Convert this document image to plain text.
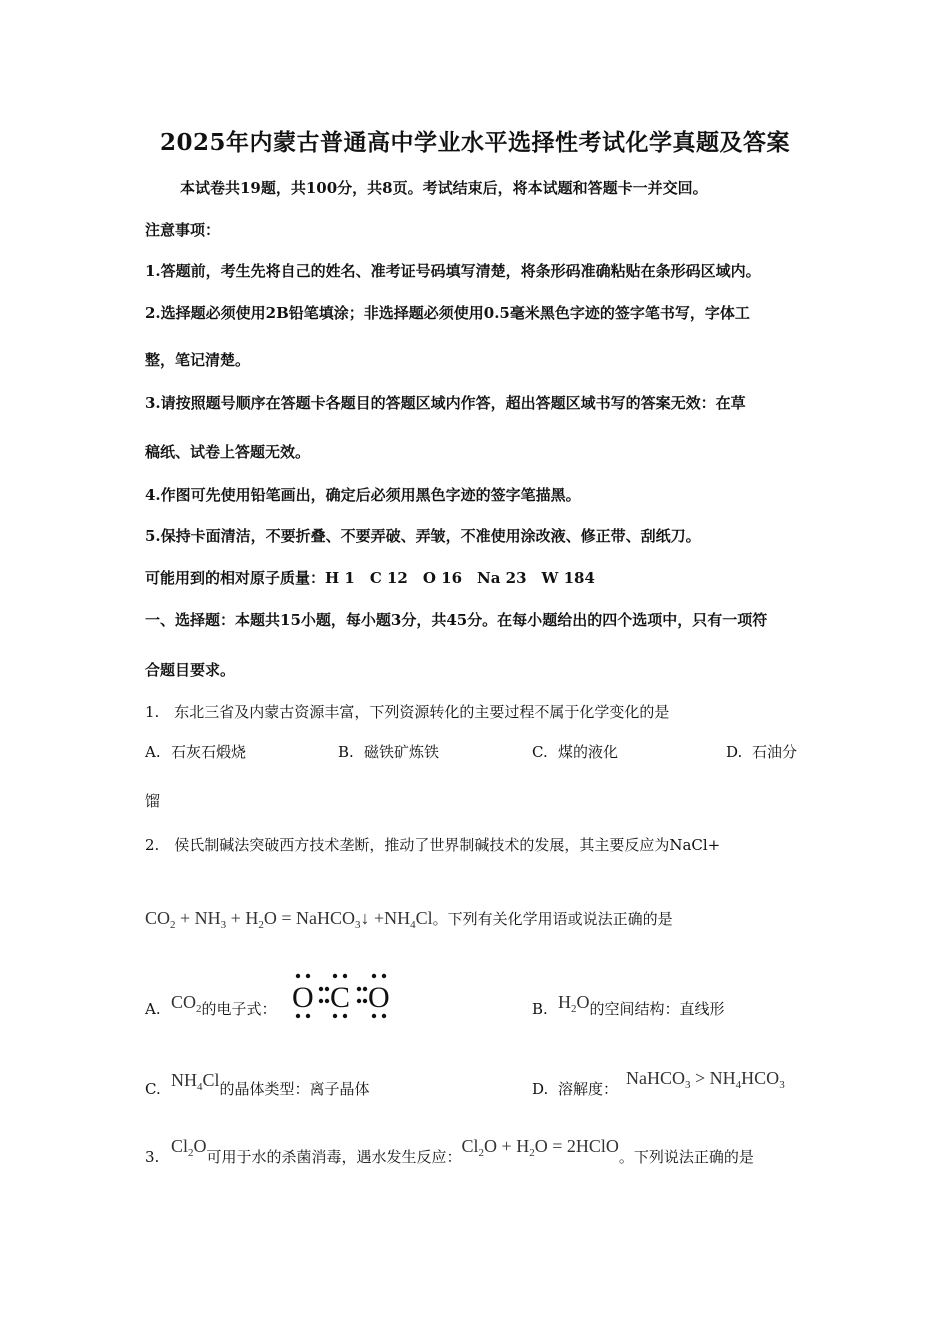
2025年内蒙古普通高中学业水平选择性考试化学真题及答案
本试卷共19题，共100分，共8页。考试结束后，将本试题和答题卡一并交回。
注意事项：
1.答题前，考生先将自己的姓名、准考证号码填写清楚，将条形码准确粘贴在条形码区域内。
2.选择题必须使用2B铅笔填涂；非选择题必须使用0.5毫米黑色字迹的签字笔书写，字体工
整，笔记清楚。
3.请按照题号顺序在答题卡各题目的答题区域内作答，超出答题区域书写的答案无效：在草
稿纸、试卷上答题无效。
4.作图可先使用铅笔画出，确定后必须用黑色字迹的签字笔描黑。
5.保持卡面清洁，不要折叠、不要弄破、弄皱，不准使用涂改液、修正带、刮纸刀。
可能用到的相对原子质量：H 1　C 12　O 16　Na 23　W 184
一、选择题：本题共15小题，每小题3分，共45分。在每小题给出的四个选项中，只有一项符
合题目要求。
1.　东北三省及内蒙古资源丰富，下列资源转化的主要过程不属于化学变化的是
A. 石灰石煅烧	B. 磁铁矿炼铁	C. 煤的液化	D. 石油分
馏
2.　侯氏制碱法突破西方技术垄断，推动了世界制碱技术的发展，其主要反应为NaCl+
$CO_2 + NH_3 + H_2O$ = NaHCO$_3$↓ $+NH_4Cl$。下列有关化学用语或说法正确的是
A. $CO_2$的电子式： O C O	B. $H_2O$的空间结构：直线形
C. $NH_4Cl$的晶体类型：离子晶体	D. 溶解度：NaHCO$_3$ > $NH_4HCO_3$
$3.Cl_2O$可用于水的杀菌消毒，遇水发生反应：$Cl_2O + H_2O$ = 2HClO。下列说法正确的是
